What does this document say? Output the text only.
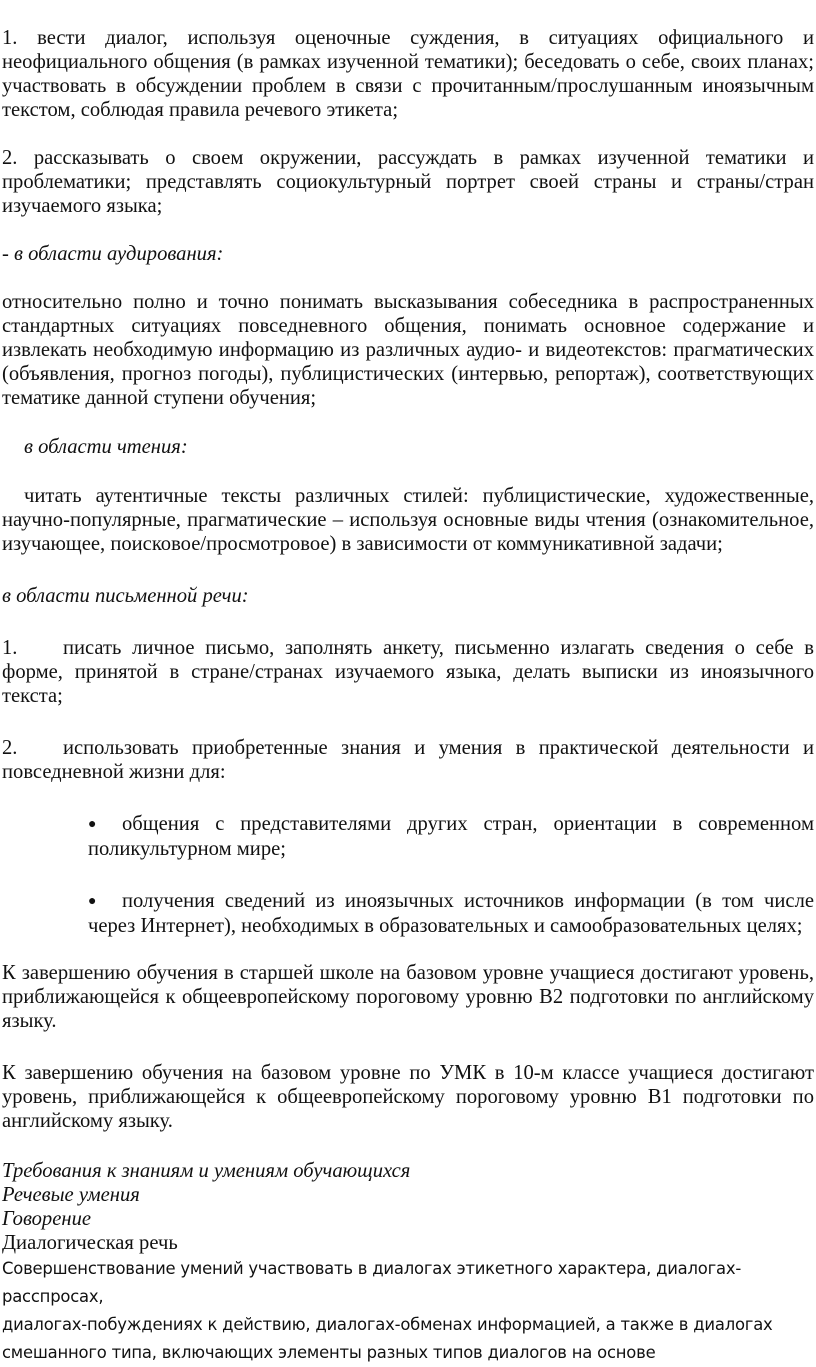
1. вести диалог, используя оценочные суждения, в ситуациях официального и неофициального общения (в рамках изученной тематики); беседовать о себе, своих планах; участвовать в обсуждении проблем в связи с прочитанным/прослушанным иноязычным текстом, соблюдая правила речевого этикета;

2. рассказывать о своем окружении, рассуждать в рамках изученной тематики и проблематики; представлять социокультурный портрет своей страны и страны/стран изучаемого языка;

- в области аудирования:

относительно полно и точно понимать высказывания собеседника в распространенных стандартных ситуациях повседневного общения, понимать основное содержание и извлекать необходимую информацию из различных аудио- и видеотекстов: прагматических (объявления, прогноз погоды), публицистических (интервью, репортаж), соответствующих тематике данной ступени обучения;

в области чтения:

читать аутентичные тексты различных стилей: публицистические, художественные, научно-популярные, прагматические – используя основные виды чтения (ознакомительное, изучающее, поисковое/просмотровое) в зависимости от коммуникативной задачи;

в области письменной речи:

1. писать личное письмо, заполнять анкету, письменно излагать сведения о себе в форме, принятой в стране/странах изучаемого языка, делать выписки из иноязычного текста;

2. использовать приобретенные знания и умения в практической деятельности и повседневной жизни для:

● общения с представителями других стран, ориентации в современном поликультурном мире;

● получения сведений из иноязычных источников информации (в том числе через Интернет), необходимых в образовательных и самообразовательных целях;

К завершению обучения в старшей школе на базовом уровне учащиеся достигают уровень, приближающейся к общеевропейскому пороговому уровню В2 подготовки по английскому языку.

К завершению обучения на базовом уровне по УМК в 10-м классе учащиеся достигают уровень, приближающейся к общеевропейскому пороговому уровню В1 подготовки по английскому языку.

Требования к знаниям и умениям обучающихся

Речевые умения

Говорение

Диалогическая речь

Совершенствование умений участвовать в диалогах этикетного характера, диалогах-расспросах,
диалогах-побуждениях к действию, диалогах-обменах информацией, а также в диалогах
смешанного типа, включающих элементы разных типов диалогов на основе
